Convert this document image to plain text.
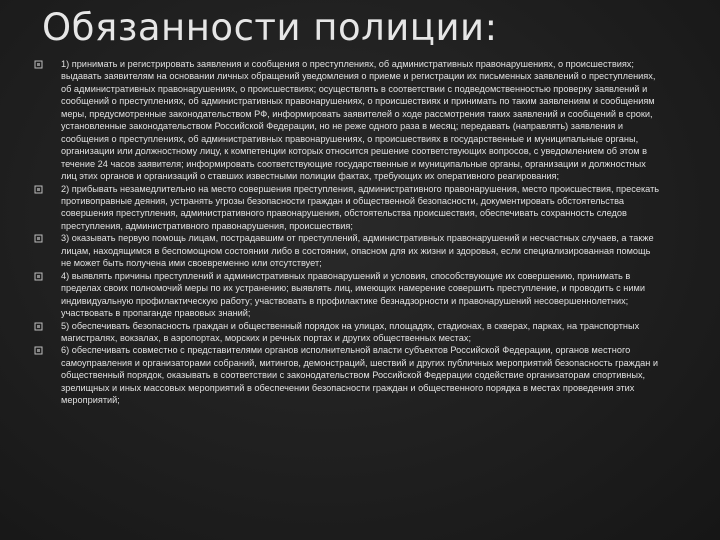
Обязанности полиции:
1) принимать и регистрировать заявления и сообщения о преступлениях, об административных правонарушениях, о происшествиях; выдавать заявителям на основании личных обращений уведомления о приеме и регистрации их письменных заявлений о преступлениях, об административных правонарушениях, о происшествиях; осуществлять в соответствии с подведомственностью проверку заявлений и сообщений о преступлениях, об административных правонарушениях, о происшествиях и принимать по таким заявлениям и сообщениям меры, предусмотренные законодательством РФ, информировать заявителей о ходе рассмотрения таких заявлений и сообщений в сроки, установленные законодательством Российской Федерации, но не реже одного раза в месяц; передавать (направлять) заявления и сообщения о преступлениях, об административных правонарушениях, о происшествиях в государственные и муниципальные органы, организации или должностному лицу, к компетенции которых относится решение соответствующих вопросов, с уведомлением об этом в течение 24 часов заявителя; информировать соответствующие государственные и муниципальные органы, организации и должностных лиц этих органов и организаций о ставших известными полиции фактах, требующих их оперативного реагирования;
2) прибывать незамедлительно на место совершения преступления, административного правонарушения, место происшествия, пресекать противоправные деяния, устранять угрозы безопасности граждан и общественной безопасности, документировать обстоятельства совершения преступления, административного правонарушения, обстоятельства происшествия, обеспечивать сохранность следов преступления, административного правонарушения, происшествия;
3) оказывать первую помощь лицам, пострадавшим от преступлений, административных правонарушений и несчастных случаев, а также лицам, находящимся в беспомощном состоянии либо в состоянии, опасном для их жизни и здоровья, если специализированная помощь не может быть получена ими своевременно или отсутствует;
4) выявлять причины преступлений и административных правонарушений и условия, способствующие их совершению, принимать в пределах своих полномочий меры по их устранению; выявлять лиц, имеющих намерение совершить преступление, и проводить с ними индивидуальную профилактическую работу; участвовать в профилактике безнадзорности и правонарушений несовершеннолетних; участвовать в пропаганде правовых знаний;
5) обеспечивать безопасность граждан и общественный порядок на улицах, площадях, стадионах, в скверах, парках, на транспортных магистралях, вокзалах, в аэропортах, морских и речных портах и других общественных местах;
6) обеспечивать совместно с представителями органов исполнительной власти субъектов Российской Федерации, органов местного самоуправления и организаторами собраний, митингов, демонстраций, шествий и других публичных мероприятий безопасность граждан и общественный порядок, оказывать в соответствии с законодательством Российской Федерации содействие организаторам спортивных, зрелищных и иных массовых мероприятий в обеспечении безопасности граждан и общественного порядка в местах проведения этих мероприятий;
